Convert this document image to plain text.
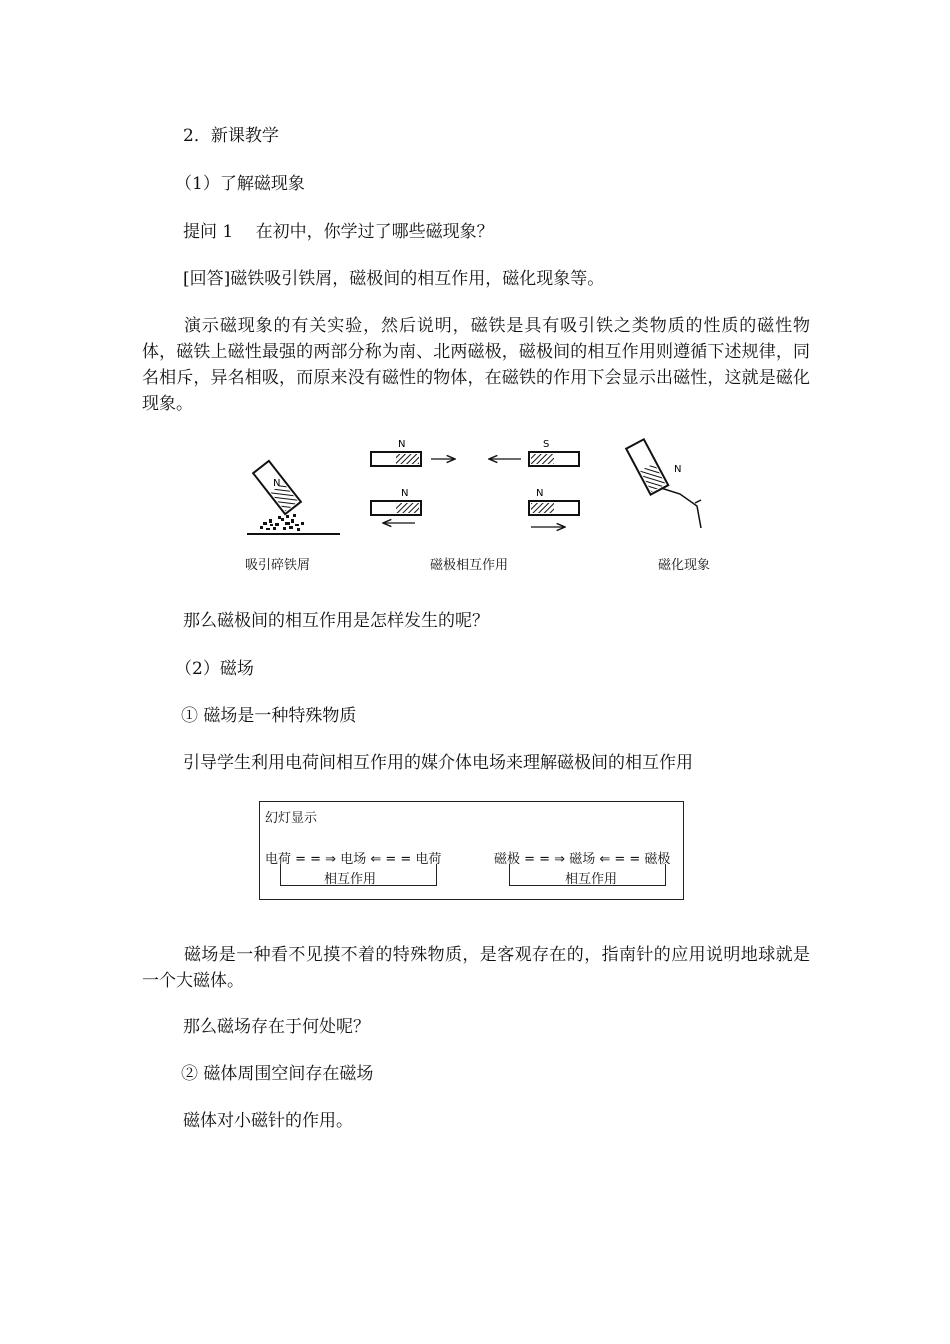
2．新课教学
（1）了解磁现象
提问 1　 在初中，你学过了哪些磁现象？
[回答]磁铁吸引铁屑，磁极间的相互作用，磁化现象等。
演示磁现象的有关实验，然后说明，磁铁是具有吸引铁之类物质的性质的磁性物体，磁铁上磁性最强的两部分称为南、北两磁极，磁极间的相互作用则遵循下述规律，同名相斥，异名相吸，而原来没有磁性的物体，在磁铁的作用下会显示出磁性，这就是磁化现象。
N
N	S
N	N
N
吸引碎铁屑	磁极相互作用	磁化现象
那么磁极间的相互作用是怎样发生的呢？
（2）磁场
① 磁场是一种特殊物质
引导学生利用电荷间相互作用的媒介体电场来理解磁极间的相互作用
幻灯显示
电荷 = = ⇒ 电场 ⇐ = = 电荷
相互作用
磁极 = = ⇒ 磁场 ⇐ = = 磁极
相互作用
磁场是一种看不见摸不着的特殊物质，是客观存在的，指南针的应用说明地球就是一个大磁体。
那么磁场存在于何处呢？
② 磁体周围空间存在磁场
磁体对小磁针的作用。
